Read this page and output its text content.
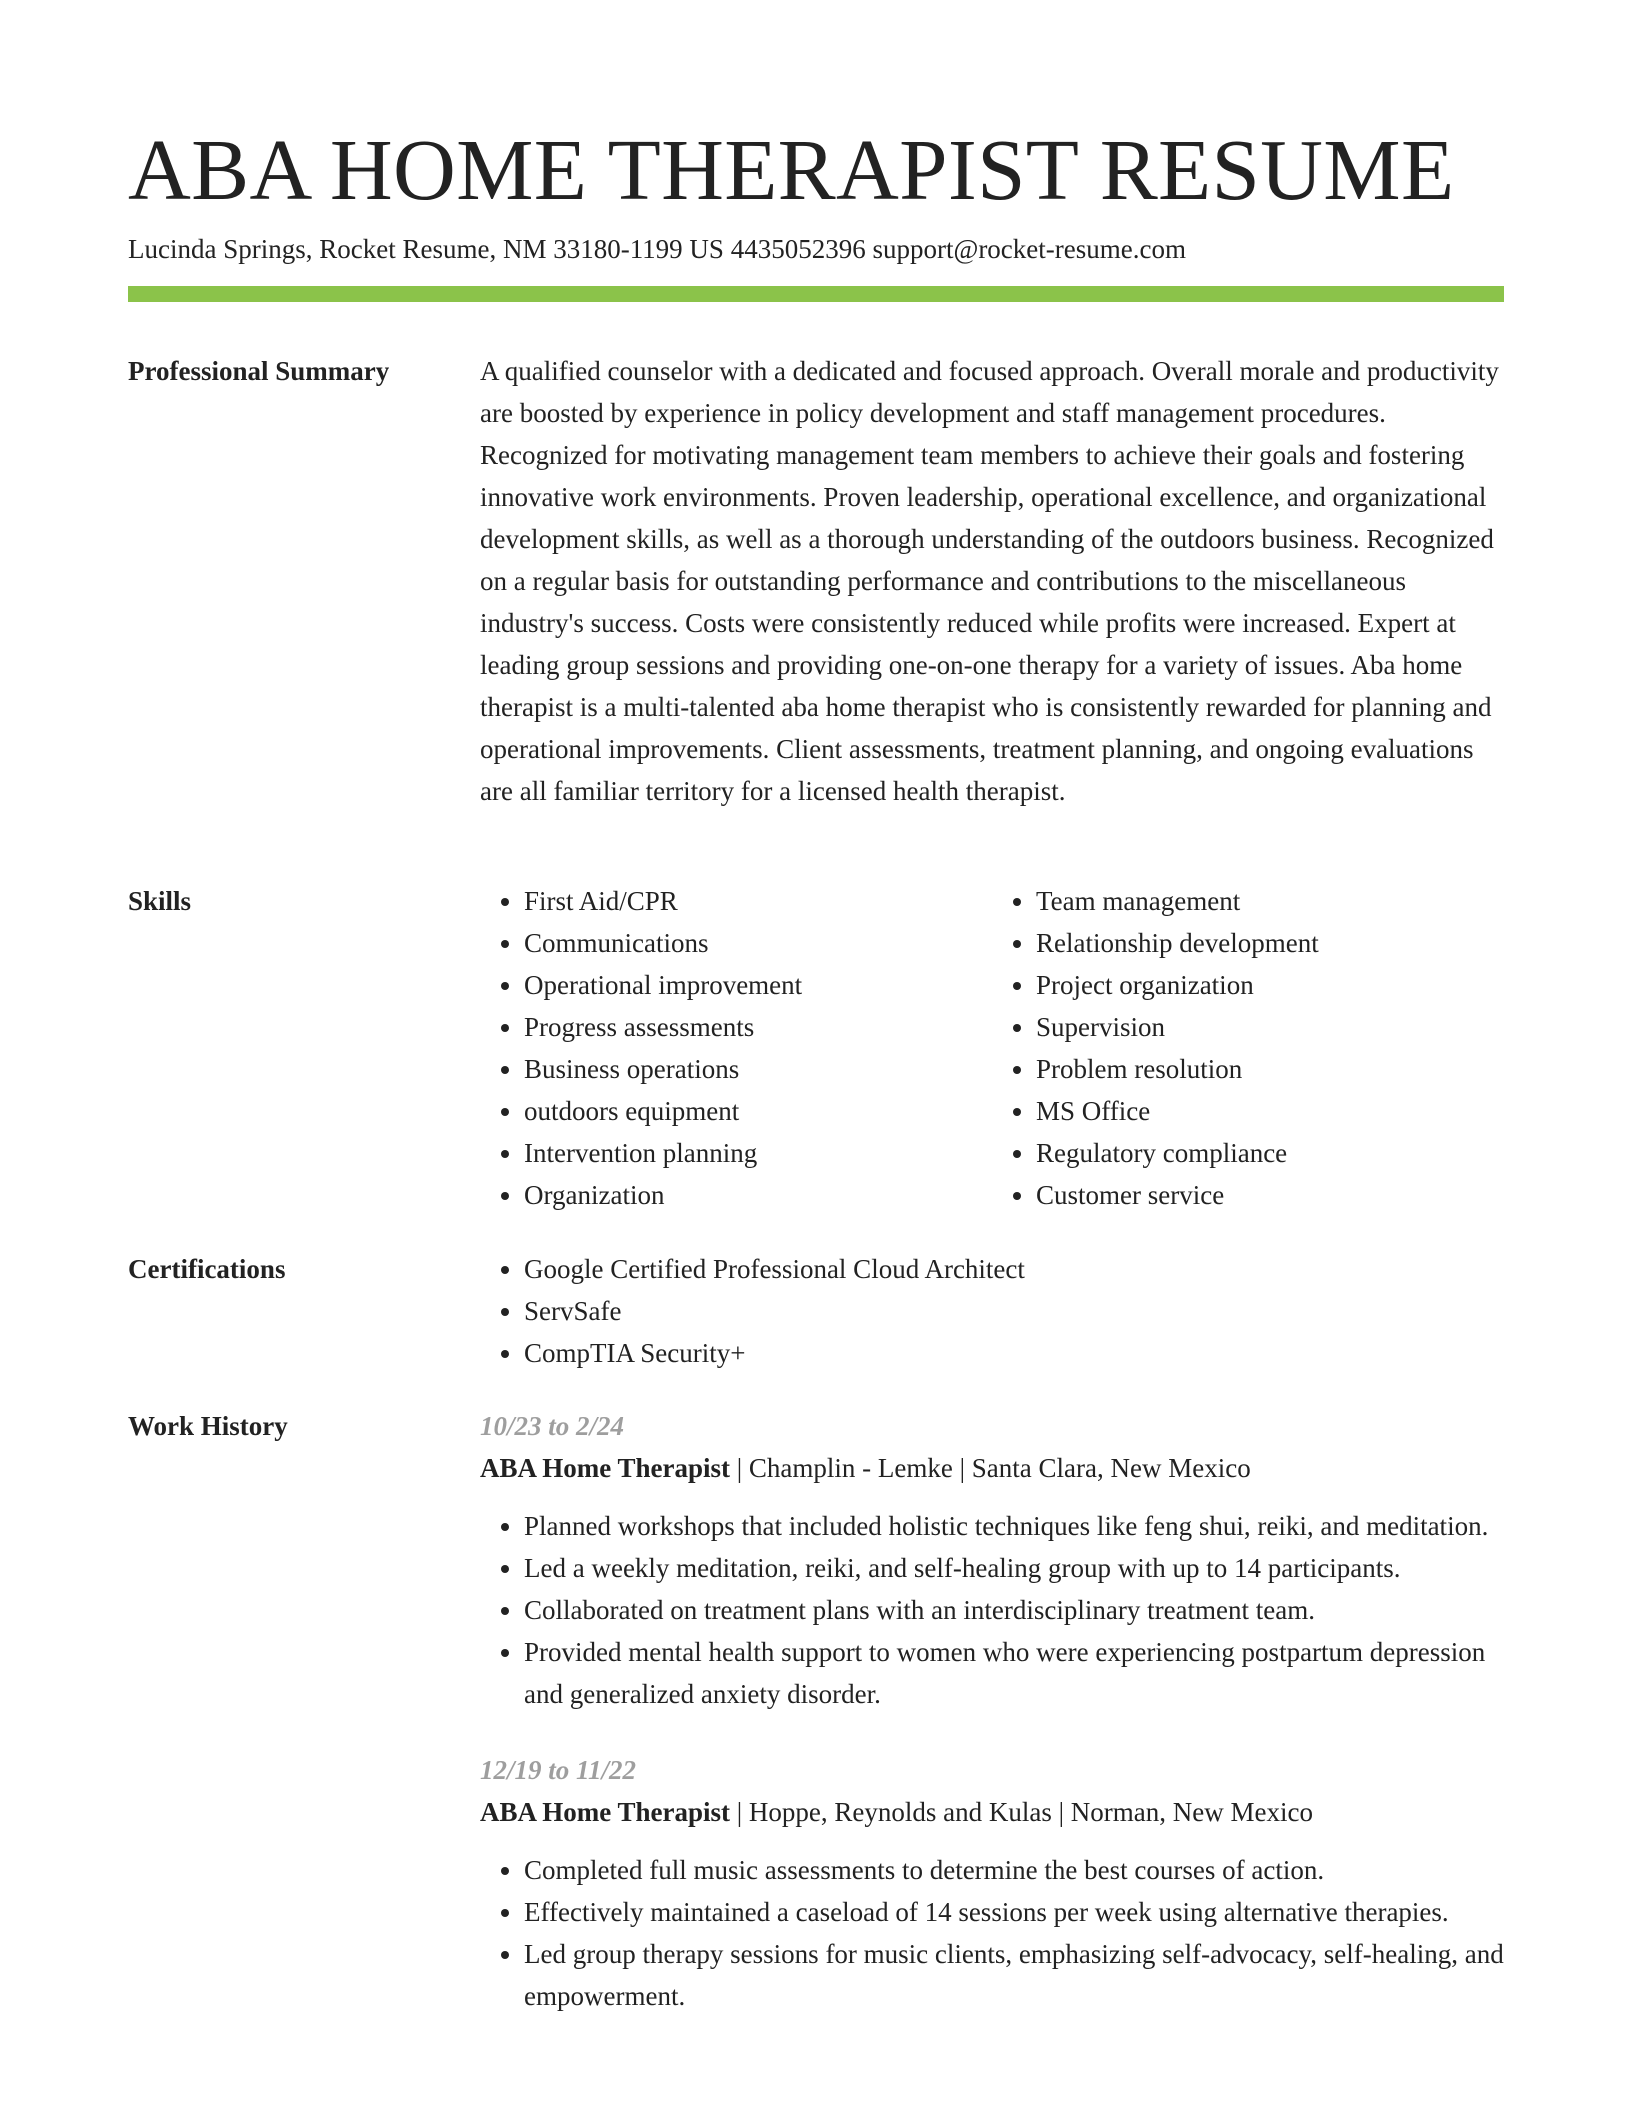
ABA HOME THERAPIST RESUME
Lucinda Springs, Rocket Resume, NM 33180-1199 US 4435052396 support@rocket-resume.com
Professional Summary	A qualified counselor with a dedicated and focused approach. Overall morale and productivity are boosted by experience in policy development and staff management procedures. Recognized for motivating management team members to achieve their goals and fostering innovative work environments. Proven leadership, operational excellence, and organizational development skills, as well as a thorough understanding of the outdoors business. Recognized on a regular basis for outstanding performance and contributions to the miscellaneous industry's success. Costs were consistently reduced while profits were increased. Expert at leading group sessions and providing one-on-one therapy for a variety of issues. Aba home therapist is a multi-talented aba home therapist who is consistently rewarded for planning and operational improvements. Client assessments, treatment planning, and ongoing evaluations are all familiar territory for a licensed health therapist.

Skills	• First Aid/CPR
• Communications
• Operational improvement
• Progress assessments
• Business operations
• outdoors equipment
• Intervention planning
• Organization
• Team management
• Relationship development
• Project organization
• Supervision
• Problem resolution
• MS Office
• Regulatory compliance
• Customer service
Certifications	• Google Certified Professional Cloud Architect
• ServSafe
• CompTIA Security+
Work History	10/23 to 2/24
ABA Home Therapist | Champlin - Lemke | Santa Clara, New Mexico
• Planned workshops that included holistic techniques like feng shui, reiki, and meditation.
• Led a weekly meditation, reiki, and self-healing group with up to 14 participants.
• Collaborated on treatment plans with an interdisciplinary treatment team.
• Provided mental health support to women who were experiencing postpartum depression and generalized anxiety disorder.
12/19 to 11/22
ABA Home Therapist | Hoppe, Reynolds and Kulas | Norman, New Mexico
• Completed full music assessments to determine the best courses of action.
• Effectively maintained a caseload of 14 sessions per week using alternative therapies.
• Led group therapy sessions for music clients, emphasizing self-advocacy, self-healing, and empowerment.
